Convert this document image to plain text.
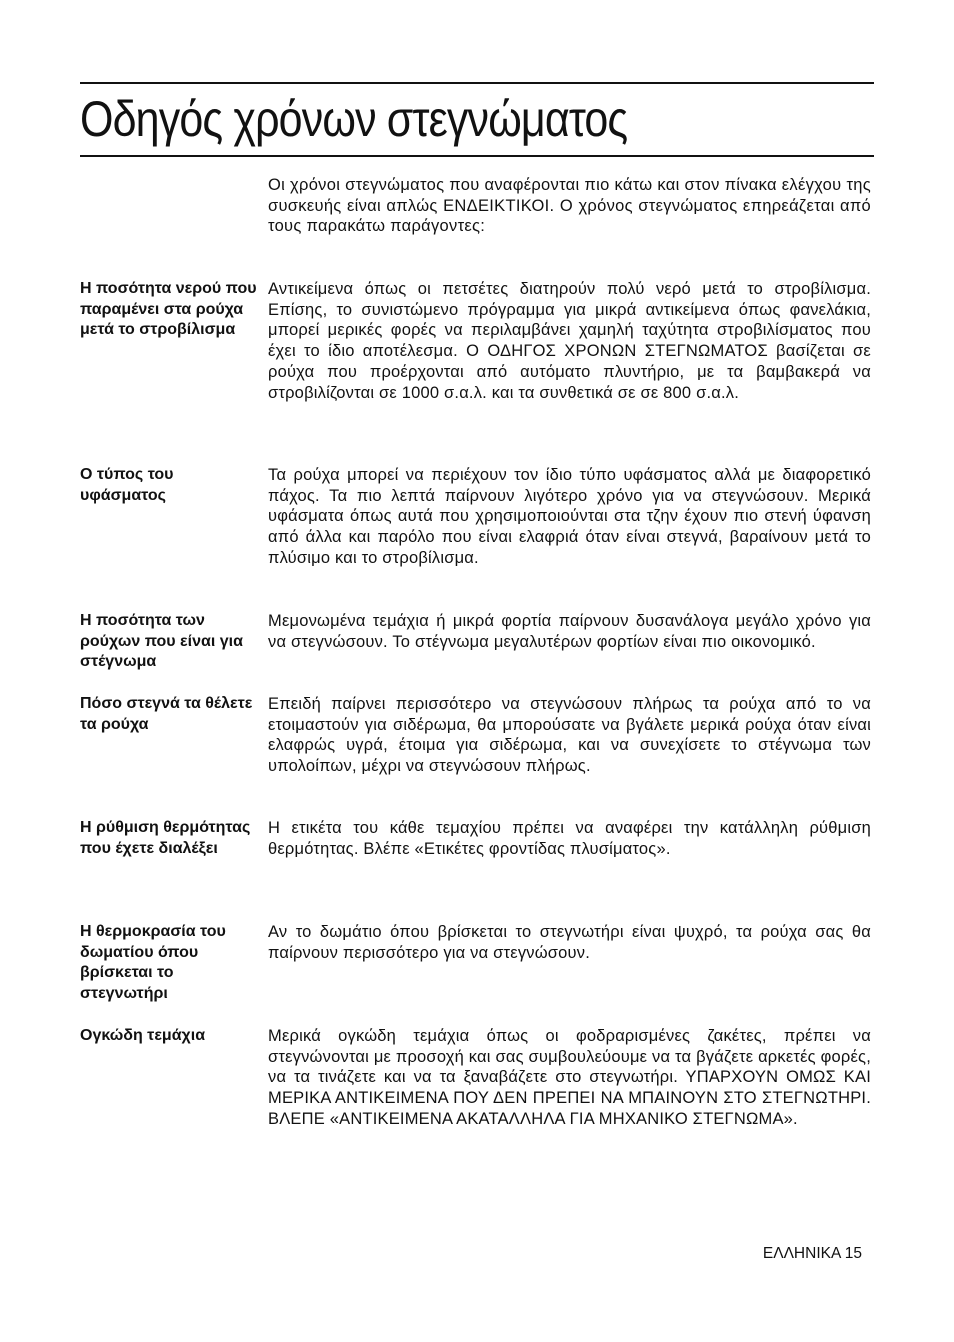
Οδηγός χρόνων στεγνώματος

Οι χρόνοι στεγνώματος που αναφέρονται πιο κάτω και στον πίνακα ελέγχου της συσκευής είναι απλώς ΕΝΔΕΙΚΤΙΚΟΙ. Ο χρόνος στεγνώματος επηρεάζεται από τους παρακάτω παράγοντες:

Η ποσότητα νερού που παραμένει στα ρούχα μετά το στροβίλισμα

Αντικείμενα όπως οι πετσέτες διατηρούν πολύ νερό μετά το στροβίλισμα. Επίσης, το συνιστώμενο πρόγραμμα για μικρά αντικείμενα όπως φανελάκια, μπορεί μερικές φορές να περιλαμβάνει χαμηλή ταχύτητα στροβιλίσματος που έχει το ίδιο αποτέλεσμα. Ο ΟΔΗΓΟΣ ΧΡΟΝΩΝ ΣΤΕΓΝΩΜΑΤΟΣ βασίζεται σε ρούχα που προέρχονται από αυτόματο πλυντήριο, με τα βαμβακερά να στροβιλίζονται σε 1000 σ.α.λ. και τα συνθετικά σε σε 800 σ.α.λ.

Ο τύπος του υφάσματος

Τα ρούχα μπορεί να περιέχουν τον ίδιο τύπο υφάσματος αλλά με διαφορετικό πάχος. Τα πιο λεπτά παίρνουν λιγότερο χρόνο για να στεγνώσουν. Μερικά υφάσματα όπως αυτά που χρησιμοποιούνται στα τζην έχουν πιο στενή ύφανση από άλλα και παρόλο που είναι ελαφριά όταν είναι στεγνά, βαραίνουν μετά το πλύσιμο και το στροβίλισμα.

Η ποσότητα των ρούχων που είναι για στέγνωμα

Μεμονωμένα τεμάχια ή μικρά φορτία παίρνουν δυσανάλογα μεγάλο χρόνο για να στεγνώσουν. Το στέγνωμα μεγαλυτέρων φορτίων είναι πιο οικονομικό.

Πόσο στεγνά τα θέλετε τα ρούχα

Επειδή παίρνει περισσότερο να στεγνώσουν πλήρως τα ρούχα από το να ετοιμαστούν για σιδέρωμα, θα μπορούσατε να βγάλετε μερικά ρούχα όταν είναι ελαφρώς υγρά, έτοιμα για σιδέρωμα, και να συνεχίσετε το στέγνωμα των υπολοίπων, μέχρι να στεγνώσουν πλήρως.

Η ρύθμιση θερμότητας που έχετε διαλέξει

Η ετικέτα του κάθε τεμαχίου πρέπει να αναφέρει την κατάλληλη ρύθμιση θερμότητας. Βλέπε «Ετικέτες φροντίδας πλυσίματος».

Η θερμοκρασία του δωματίου όπου βρίσκεται το στεγνωτήρι

Αν το δωμάτιο όπου βρίσκεται το στεγνωτήρι είναι ψυχρό, τα ρούχα σας θα παίρνουν περισσότερο για να στεγνώσουν.

Ογκώδη τεμάχια	Μερικά ογκώδη τεμάχια όπως οι φοδραρισμένες ζακέτες, πρέπει να στεγνώνονται με προσοχή και σας συμβουλεύουμε να τα βγάζετε αρκετές φορές, να τα τινάζετε και να τα ξαναβάζετε στο στεγνωτήρι. ΥΠΑΡΧΟΥΝ ΟΜΩΣ ΚΑΙ ΜΕΡΙΚΑ ΑΝΤΙΚΕΙΜΕΝΑ ΠΟΥ ΔΕΝ ΠΡΕΠΕΙ ΝΑ ΜΠΑΙΝΟΥΝ ΣΤΟ ΣΤΕΓΝΩΤΗΡΙ. ΒΛΕΠΕ «ΑΝΤΙΚΕΙΜΕΝΑ ΑΚΑΤΑΛΛΗΛΑ ΓΙΑ ΜΗΧΑΝΙΚΟ ΣΤΕΓΝΩΜΑ».

ΕΛΛΗΝΙΚΑ 15
